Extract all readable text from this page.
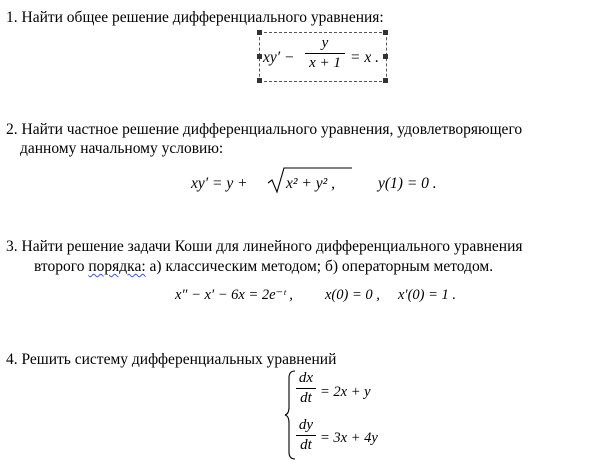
1. Найти общее решение дифференциального уравнения:
xy′ −
y
x + 1 = x .
2. Найти частное решение дифференциального уравнения, удовлетворяющего
данному начальному условию:
xy′ = y + x² + y² ,	y(1) = 0 .
3. Найти решение задачи Коши для линейного дифференциального уравнения
второго порядка: а) классическим методом; б) операторным методом.
x″ − x′ − 6x = 2e⁻ᵗ , x(0) = 0 , x′(0) = 1 .
4. Решить систему дифференциальных уравнений
dx
dt = 2x + y
dy
dt = 3x + 4y
